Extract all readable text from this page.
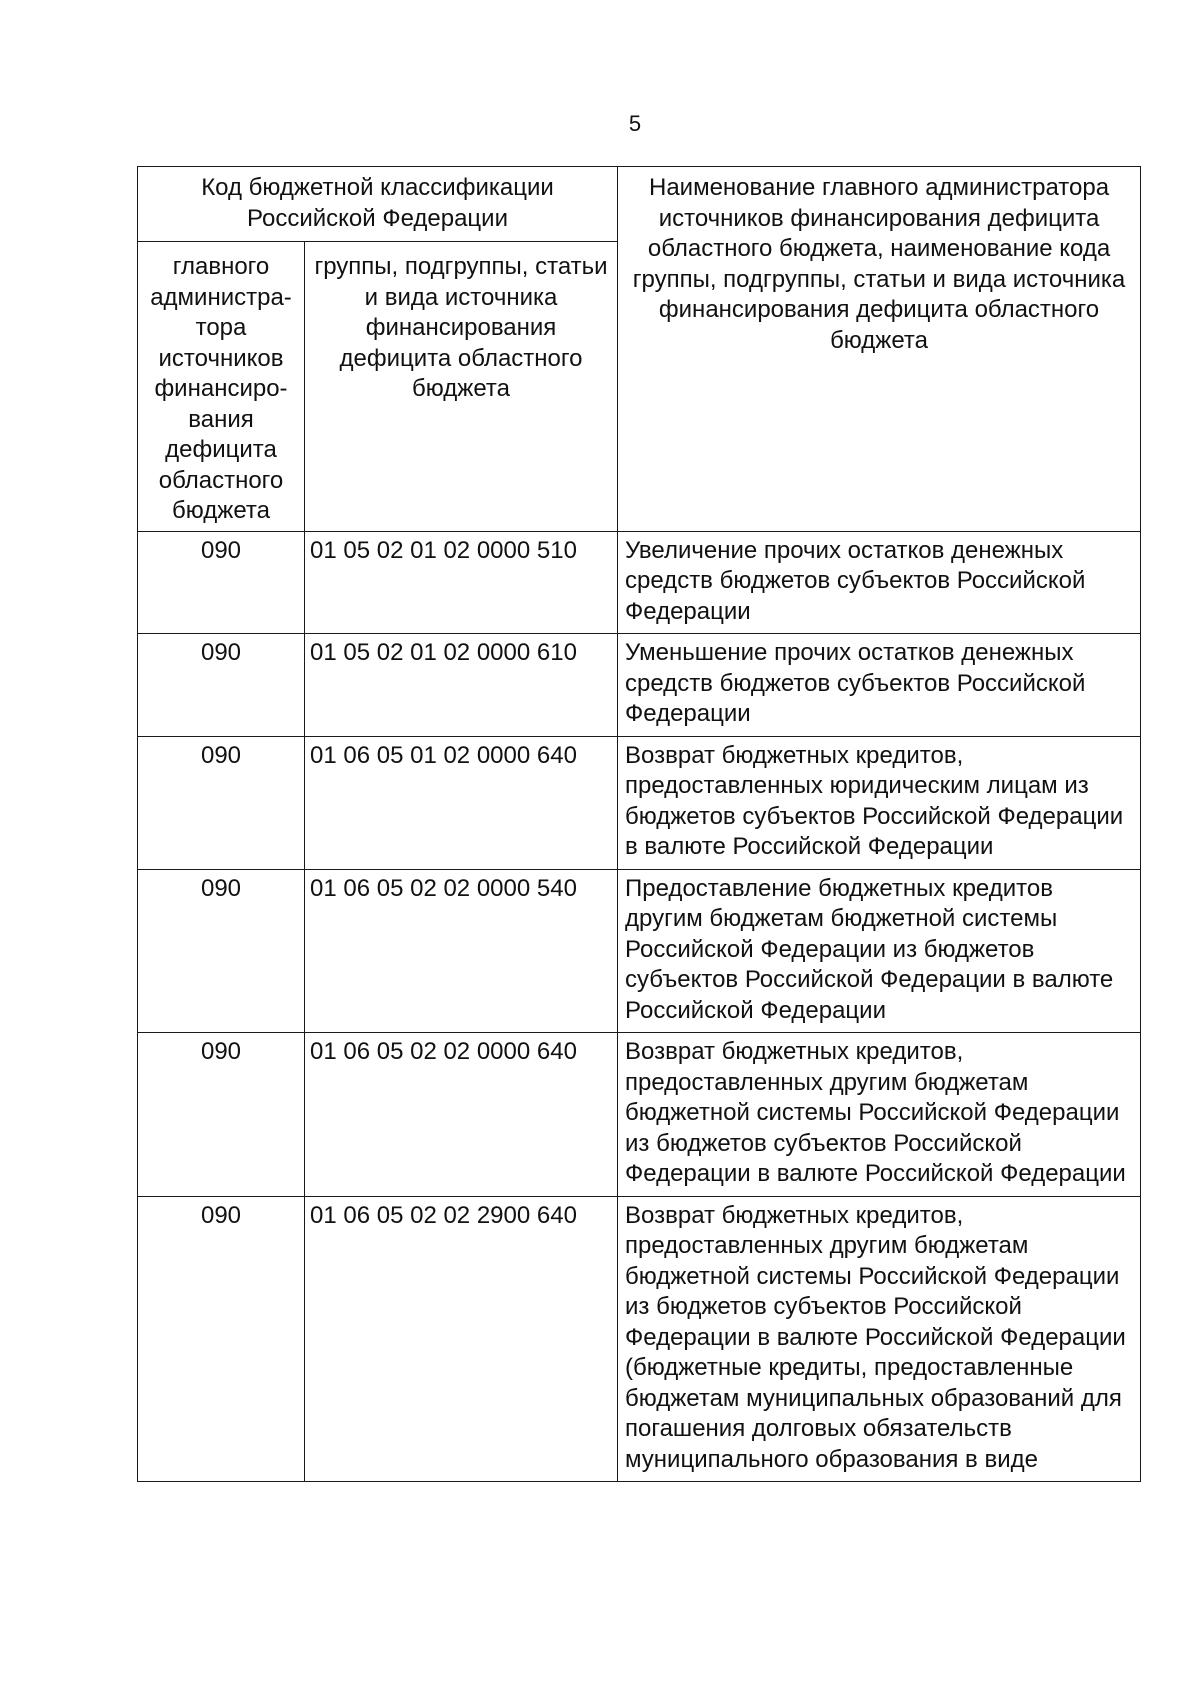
5
Код бюджетной классификации Российской Федерации		Наименование главного администратора источников финансирования дефицита областного бюджета, наименование кода группы, подгруппы, статьи и вида источника финансирования дефицита областного бюджета
главного администра-тора источников финансиро-вания дефицита областного бюджета	группы, подгруппы, статьи и вида источника финансирования дефицита областного бюджета	
090	01 05 02 01 02 0000 510	Увеличение прочих остатков денежных средств бюджетов субъектов Российской Федерации
090	01 05 02 01 02 0000 610	Уменьшение прочих остатков денежных средств бюджетов субъектов Российской Федерации
090	01 06 05 01 02 0000 640	Возврат бюджетных кредитов, предоставленных юридическим лицам из бюджетов субъектов Российской Федерации в валюте Российской Федерации
090	01 06 05 02 02 0000 540	Предоставление бюджетных кредитов другим бюджетам бюджетной системы Российской Федерации из бюджетов субъектов Российской Федерации в валюте Российской Федерации
090	01 06 05 02 02 0000 640	Возврат бюджетных кредитов, предоставленных другим бюджетам бюджетной системы Российской Федерации из бюджетов субъектов Российской Федерации в валюте Российской Федерации
090	01 06 05 02 02 2900 640	Возврат бюджетных кредитов, предоставленных другим бюджетам бюджетной системы Российской Федерации из бюджетов субъектов Российской Федерации в валюте Российской Федерации (бюджетные кредиты, предоставленные бюджетам муниципальных образований для погашения долговых обязательств муниципального образования в виде
